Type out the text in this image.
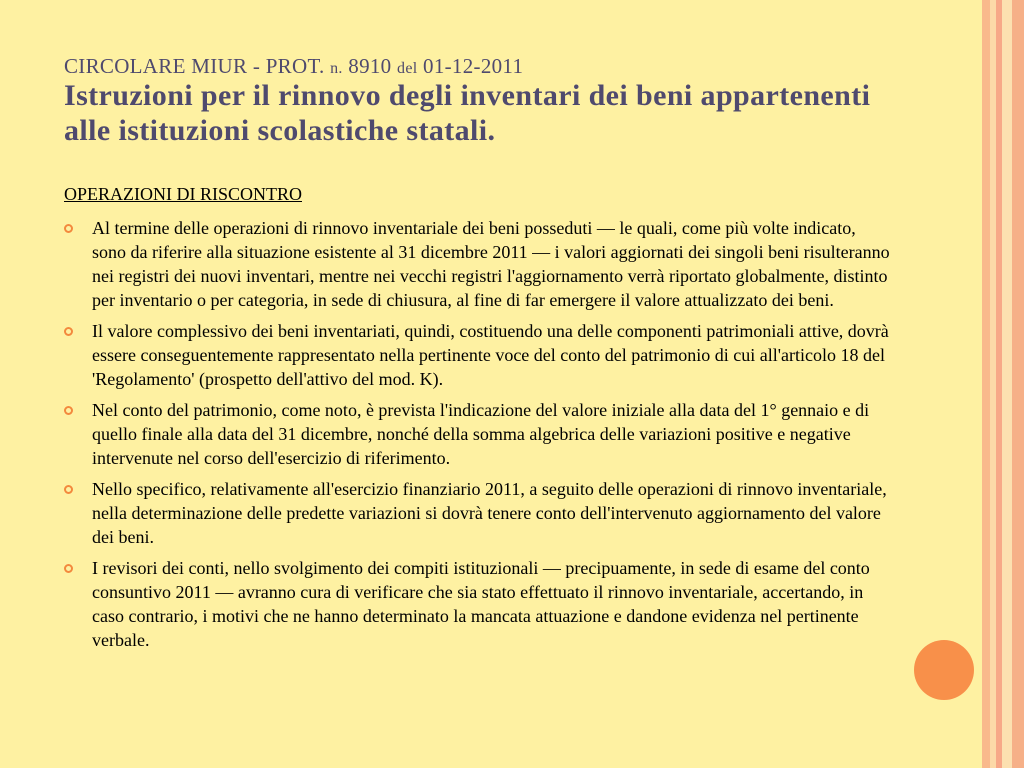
CIRCOLARE MIUR - PROT. n. 8910 del 01-12-2011
Istruzioni per il rinnovo degli inventari dei beni appartenenti alle istituzioni scolastiche statali.
OPERAZIONI DI RISCONTRO
Al termine delle operazioni di rinnovo inventariale dei beni posseduti — le quali, come più volte indicato, sono da riferire alla situazione esistente al 31 dicembre 2011 — i valori aggiornati dei singoli beni risulteranno nei registri dei nuovi inventari, mentre nei vecchi registri l'aggiornamento verrà riportato globalmente, distinto per inventario o per categoria, in sede di chiusura, al fine di far emergere il valore attualizzato dei beni.
Il valore complessivo dei beni inventariati, quindi, costituendo una delle componenti patrimoniali attive, dovrà essere conseguentemente rappresentato nella pertinente voce del conto del patrimonio di cui all'articolo 18 del 'Regolamento' (prospetto dell'attivo del mod. K).
Nel conto del patrimonio, come noto, è prevista l'indicazione del valore iniziale alla data del 1° gennaio e di quello finale alla data del 31 dicembre, nonché della somma algebrica delle variazioni positive e negative intervenute nel corso dell'esercizio di riferimento.
Nello specifico, relativamente all'esercizio finanziario 2011, a seguito delle operazioni di rinnovo inventariale, nella determinazione delle predette variazioni si dovrà tenere conto dell'intervenuto aggiornamento del valore dei beni.
I revisori dei conti, nello svolgimento dei compiti istituzionali — precipuamente, in sede di esame del conto consuntivo 2011 — avranno cura di verificare che sia stato effettuato il rinnovo inventariale, accertando, in caso contrario, i motivi che ne hanno determinato la mancata attuazione e dandone evidenza nel pertinente verbale.
